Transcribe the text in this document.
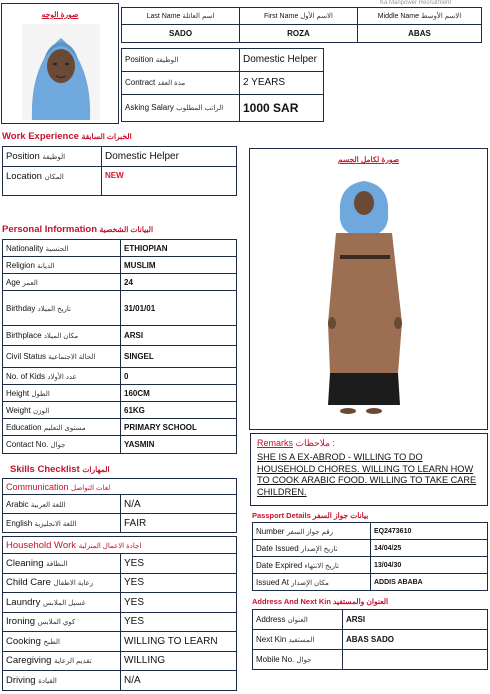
Ka Manpower Recruitment
صورة الوجه	Last Name اسم العائلة	First Name الاسم الأول	Middle Name الاسم الأوسط
SADO	ROZA	ABAS
Position الوظيفة	Domestic Helper
Contract مدة العقد	2 YEARS
Asking Salary الراتب المطلوب	1000 SAR
Work Experience الخبرات السابقة
Position الوظيفة	Domestic Helper
Location المكان	NEW
Personal Information البيانات الشخصية
Nationality الجنسية	ETHIOPIAN
Religion الديانة	MUSLIM
Age العمر	24
Birthday تاريخ الميلاد	31/01/01
Birthplace مكان الميلاد	ARSI
Civil Status الحالة الاجتماعية	SINGEL
No. of Kids عدد الأولاد	0
Height الطول	160CM
Weight الوزن	61KG
Education مستوى التعليم	PRIMARY SCHOOL
Contact No. جوال	YASMIN
Skills Checklist المهارات
Communication لغات التواصل	
Arabic اللغة العربية	N/A
English اللغة الانجليزية	FAIR
Household Work اجادة الاعمال المنزلية	
Cleaning النظافة	YES
Child Care رعاية الاطفال	YES
Laundry غسيل الملابس	YES
Ironing كوي الملابس	YES
Cooking الطبخ	WILLING TO LEARN
Caregiving تقديم الرعاية	WILLING
Driving القيادة	N/A
صورة لكامل الجسم
Remarks ملاحظات :
SHE IS A EX-ABROD - WILLING TO DO HOUSEHOLD CHORES. WILLING TO LEARN HOW TO COOK ARABIC FOOD. WILLING TO TAKE CARE CHILDREN.
Passport Details بيانات جواز السفر
Number رقم جواز السفر	EQ2473610
Date Issued تاريخ الإصدار	14/04/25
Date Expired تاريخ الانتهاء	13/04/30
Issued At مكان الإصدار	ADDIS ABABA
Address And Next Kin العنوان والمستفيد
Address العنوان	ARSI
Next Kin المستفيد	ABAS SADO
Mobile No. جوال	
